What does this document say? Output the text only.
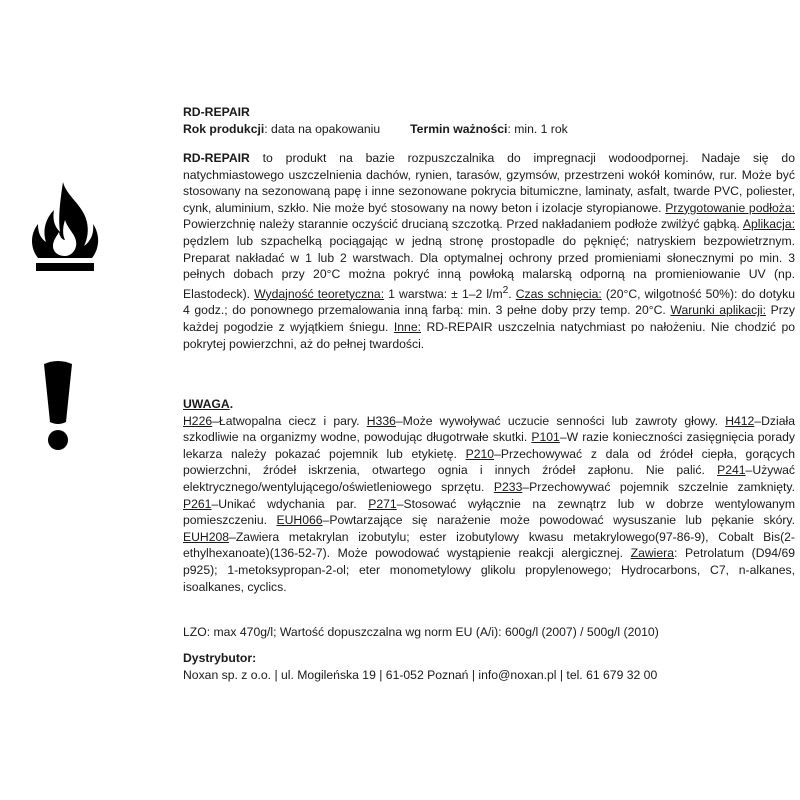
RD-REPAIR

Rok produkcji: data na opakowaniu Termin ważności: min. 1 rok

RD-REPAIR to produkt na bazie rozpuszczalnika do impregnacji wodoodpornej. Nadaje się do natychmiastowego uszczelnienia dachów, rynien, tarasów, gzymsów, przestrzeni wokół kominów, rur. Może być stosowany na sezonowaną papę i inne sezonowane pokrycia bitumiczne, laminaty, asfalt, twarde PVC, poliester, cynk, aluminium, szkło. Nie może być stosowany na nowy beton i izolacje styropianowe. Przygotowanie podłoża: Powierzchnię należy starannie oczyścić drucianą szczotką. Przed nakładaniem podłoże zwilżyć gąbką. Aplikacja: pędzlem lub szpachelką pociągając w jedną stronę prostopadle do pęknięć; natryskiem bezpowietrznym. Preparat nakładać w 1 lub 2 warstwach. Dla optymalnej ochrony przed promieniami słonecznymi po min. 3 pełnych dobach przy 20°C można pokryć inną powłoką malarską odporną na promieniowanie UV (np. Elastodeck). Wydajność teoretyczna: 1 warstwa: ± 1–2 $l/m^2$. Czas schnięcia: (20°C, wilgotność 50%): do dotyku 4 godz.; do ponownego przemalowania inną farbą: min. 3 pełne doby przy temp. 20°C. Warunki aplikacji: Przy każdej pogodzie z wyjątkiem śniegu. Inne: RD-REPAIR uszczelnia natychmiast po nałożeniu. Nie chodzić po pokrytej powierzchni, aż do pełnej twardości.

UWAGA.

H226–Łatwopalna ciecz i pary. H336–Może wywoływać uczucie senności lub zawroty głowy. H412–Działa szkodliwie na organizmy wodne, powodując długotrwałe skutki. P101–W razie konieczności zasięgnięcia porady lekarza należy pokazać pojemnik lub etykietę. P210–Przechowywać z dala od źródeł ciepła, gorących powierzchni, źródeł iskrzenia, otwartego ognia i innych źródeł zapłonu. Nie palić. P241–Używać elektrycznego/wentylującego/oświetleniowego sprzętu. P233–Przechowywać pojemnik szczelnie zamknięty. P261–Unikać wdychania par. P271–Stosować wyłącznie na zewnątrz lub w dobrze wentylowanym pomieszczeniu. EUH066–Powtarzające się narażenie może powodować wysuszanie lub pękanie skóry. EUH208–Zawiera metakrylan izobutylu; ester izobutylowy kwasu metakrylowego(97-86-9), Cobalt Bis(2-ethylhexanoate)(136-52-7). Może powodować wystąpienie reakcji alergicznej. Zawiera: Petrolatum (D94/69 p925); 1-metoksypropan-2-ol; eter monometylowy glikolu propylenowego; Hydrocarbons, C7, n-alkanes, isoalkanes, cyclics.

LZO: max 470g/l; Wartość dopuszczalna wg norm EU (A/i): 600g/l (2007) / 500g/l (2010)

Dystrybutor:

Noxan sp. z o.o. | ul. Mogileńska 19 | 61-052 Poznań | info@noxan.pl | tel. 61 679 32 00
